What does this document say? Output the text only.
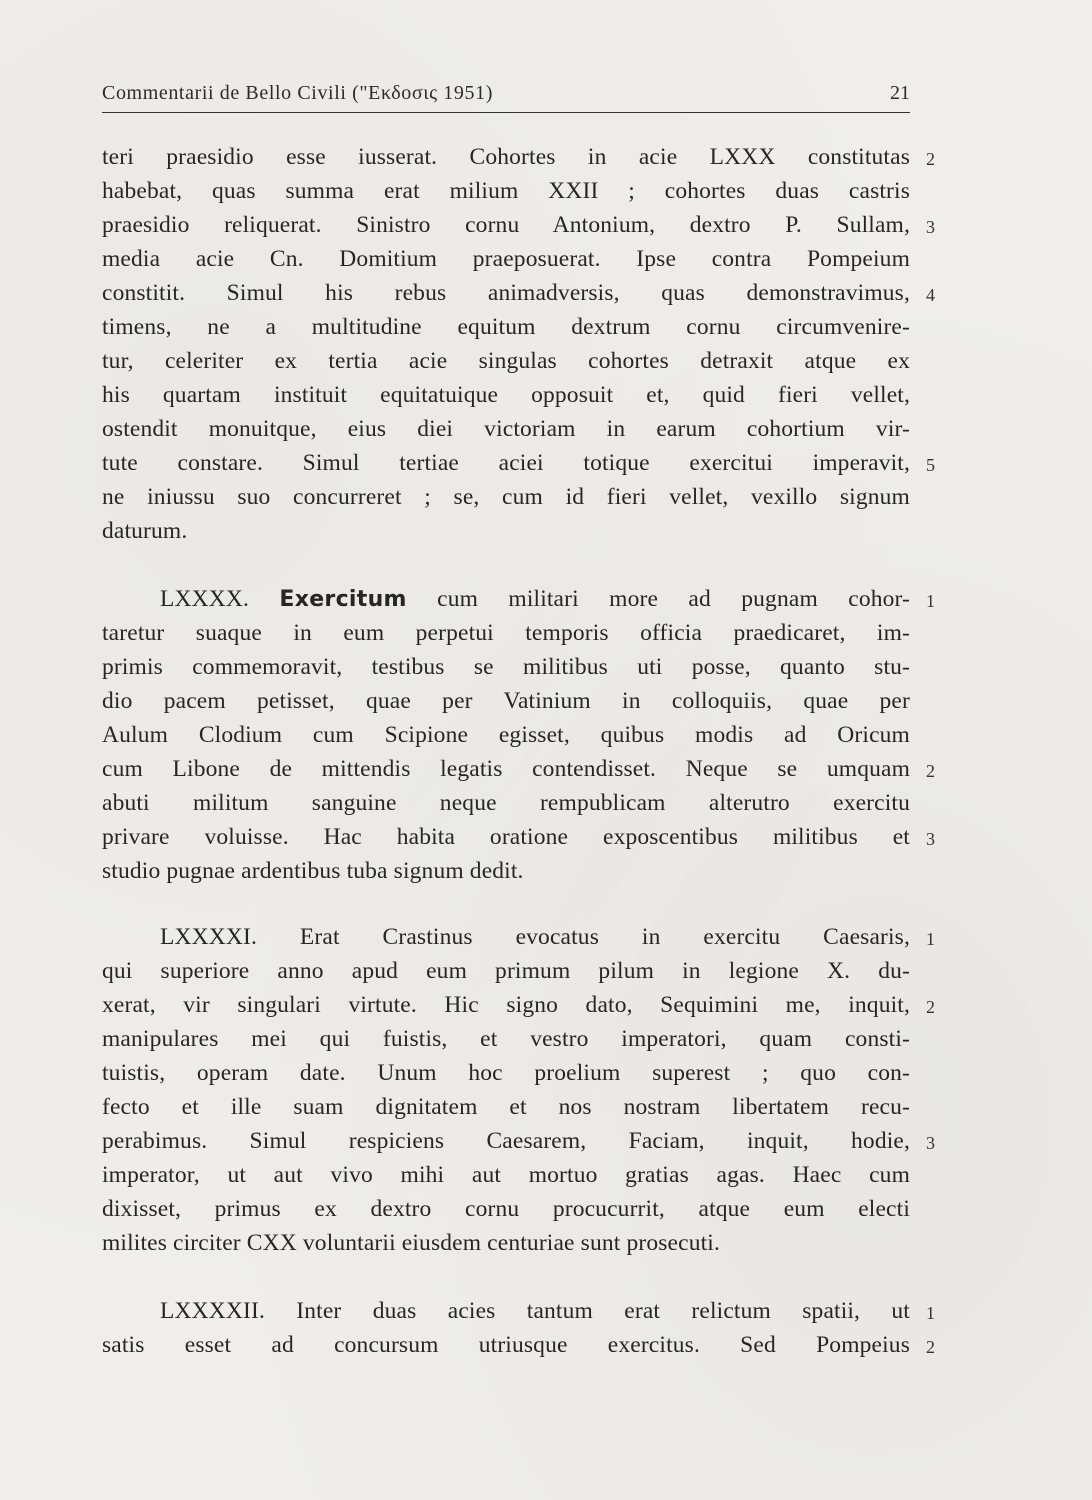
Commentarii de Bello Civili ("Εκδοσις 1951)	21
teri praesidio esse iusserat. Cohortes in acie LXXX constitutas
habebat, quas summa erat milium XXII ; cohortes duas castris
praesidio reliquerat. Sinistro cornu Antonium, dextro P. Sullam,
media acie Cn. Domitium praeposuerat. Ipse contra Pompeium
constitit. Simul his rebus animadversis, quas demonstravimus,
timens, ne a multitudine equitum dextrum cornu circumvenire-
tur, celeriter ex tertia acie singulas cohortes detraxit atque ex
his quartam instituit equitatuique opposuit et, quid fieri vellet,
ostendit monuitque, eius diei victoriam in earum cohortium vir-
tute constare. Simul tertiae aciei totique exercitui imperavit,
ne iniussu suo concurreret ; se, cum id fieri vellet, vexillo signum
daturum.
LXXXX. Exercitum cum militari more ad pugnam cohor-
taretur suaque in eum perpetui temporis officia praedicaret, im-
primis commemoravit, testibus se militibus uti posse, quanto stu-
dio pacem petisset, quae per Vatinium in colloquiis, quae per
Aulum Clodium cum Scipione egisset, quibus modis ad Oricum
cum Libone de mittendis legatis contendisset. Neque se umquam
abuti militum sanguine neque rempublicam alterutro exercitu
privare voluisse. Hac habita oratione exposcentibus militibus et
studio pugnae ardentibus tuba signum dedit.
LXXXXI. Erat Crastinus evocatus in exercitu Caesaris,
qui superiore anno apud eum primum pilum in legione X. du-
xerat, vir singulari virtute. Hic signo dato, Sequimini me, inquit,
manipulares mei qui fuistis, et vestro imperatori, quam consti-
tuistis, operam date. Unum hoc proelium superest ; quo con-
fecto et ille suam dignitatem et nos nostram libertatem recu-
perabimus. Simul respiciens Caesarem, Faciam, inquit, hodie,
imperator, ut aut vivo mihi aut mortuo gratias agas. Haec cum
dixisset, primus ex dextro cornu procucurrit, atque eum electi
milites circiter CXX voluntarii eiusdem centuriae sunt prosecuti.
LXXXXII. Inter duas acies tantum erat relictum spatii, ut
satis esset ad concursum utriusque exercitus. Sed Pompeius
2
3
4
5
1
2
3
1
2
3
1
2
